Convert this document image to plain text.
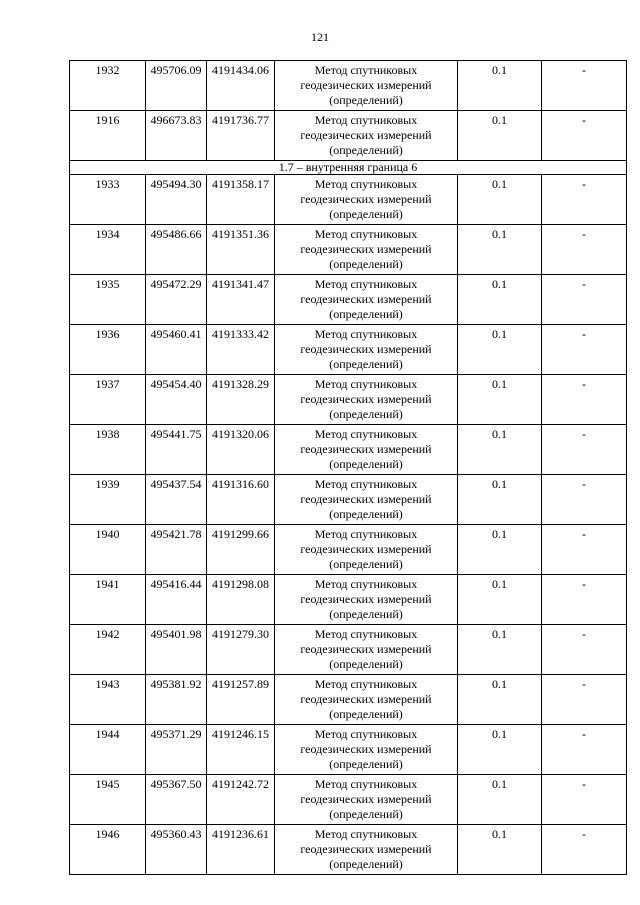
121
1932	495706.09	4191434.06	Метод спутниковых геодезических измерений (определений)	0.1	-
1916	496673.83	4191736.77	Метод спутниковых геодезических измерений (определений)	0.1	-
1.7 – внутренняя граница 6					
1933	495494.30	4191358.17	Метод спутниковых геодезических измерений (определений)	0.1	-
1934	495486.66	4191351.36	Метод спутниковых геодезических измерений (определений)	0.1	-
1935	495472.29	4191341.47	Метод спутниковых геодезических измерений (определений)	0.1	-
1936	495460.41	4191333.42	Метод спутниковых геодезических измерений (определений)	0.1	-
1937	495454.40	4191328.29	Метод спутниковых геодезических измерений (определений)	0.1	-
1938	495441.75	4191320.06	Метод спутниковых геодезических измерений (определений)	0.1	-
1939	495437.54	4191316.60	Метод спутниковых геодезических измерений (определений)	0.1	-
1940	495421.78	4191299.66	Метод спутниковых геодезических измерений (определений)	0.1	-
1941	495416.44	4191298.08	Метод спутниковых геодезических измерений (определений)	0.1	-
1942	495401.98	4191279.30	Метод спутниковых геодезических измерений (определений)	0.1	-
1943	495381.92	4191257.89	Метод спутниковых геодезических измерений (определений)	0.1	-
1944	495371.29	4191246.15	Метод спутниковых геодезических измерений (определений)	0.1	-
1945	495367.50	4191242.72	Метод спутниковых геодезических измерений (определений)	0.1	-
1946	495360.43	4191236.61	Метод спутниковых геодезических измерений (определений)	0.1	-
